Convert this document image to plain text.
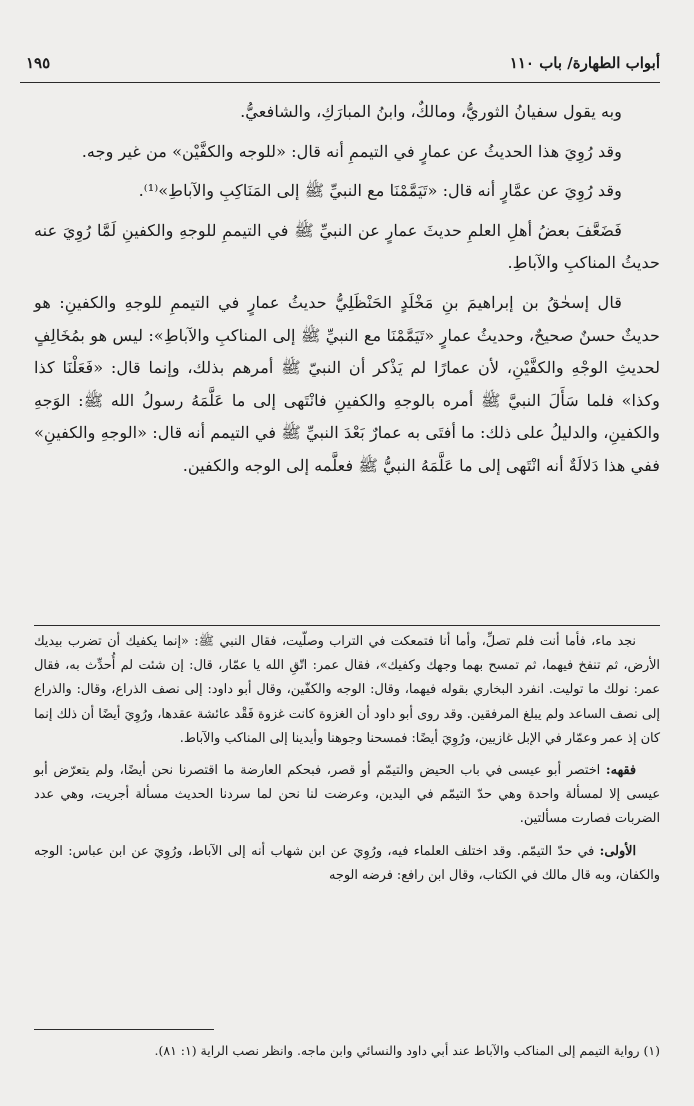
أبواب الطهارة/ باب ١١٠
١٩٥

وبه يقول سفيانُ الثوريُّ، ومالكٌ، وابنُ المبارَكِ، والشافعيُّ.

وقد رُوِيَ هذا الحديثُ عن عمارٍ في التيممِ أنه قال: «للوجه والكفَّيْن» من غير وجه.

وقد رُوِيَ عن عمَّارٍ أنه قال: «تَيَمَّمْنَا مع النبيِّ ﷺ إلى المَنَاكِبِ والآباطِ»⁽¹⁾.

فَضَعَّفَ بعضُ أهلِ العلمِ حديثَ عمارٍ عن النبيِّ ﷺ في التيممِ للوجهِ والكفينِ لَمَّا رُوِيَ عنه حديثُ المناكبِ والآباطِ.

قال إسحٰقُ بن إبراهيمَ بنِ مَخْلَدٍ الحَنْظَلِيُّ حديثُ عمارٍ في التيممِ للوجهِ والكفينِ: هو حديثٌ حسنٌ صحيحٌ، وحديثُ عمارٍ «تَيَمَّمْنَا مع النبيِّ ﷺ إلى المناكبِ والآباطِ»: ليس هو بمُخَالِفٍ لحديثِ الوجْهِ والكفَّيْنِ، لأن عمارًا لم يَذْكر أن النبيّ ﷺ أمرهم بذلك، وإنما قال: «فَعَلْنَا كذا وكذا» فلما سَأَلَ النبيَّ ﷺ أمره بالوجهِ والكفينِ فانْتَهى إلى ما عَلَّمَهُ رسولُ الله ﷺ: الوَجهِ والكفينِ، والدليلُ على ذلك: ما أفتَى به عمارٌ بَعْدَ النبيِّ ﷺ في التيمم أنه قال: «الوجهِ والكفينِ» ففي هذا دَلالَةٌ أنه انْتَهى إلى ما عَلَّمَهُ النبيُّ ﷺ فعلَّمه إلى الوجه والكفين.

نجد ماء، فأما أنت فلم تصلِّ، وأما أنا فتمعكت في التراب وصلّيت، فقال النبي ﷺ: «إنما يكفيك أن تضرب بيديك الأرض، ثم تنفخ فيهما، ثم تمسح بهما وجهك وكفيك»، فقال عمر: اتّقِ الله يا عمّار، قال: إن شئت لم أُحدِّث به، فقال عمر: نولك ما توليت. انفرد البخاري بقوله فيهما، وقال: الوجه والكفّين، وقال أبو داود: إلى نصف الذراع، وقال: والذراع إلى نصف الساعد ولم يبلغ المرفقين. وقد روى أبو داود أن الغزوة كانت غزوة فَقْد عائشة عقدها، ورُوِيَ أيضًا أن ذلك إنما كان إذ عمر وعمّار في الإبل غازيين، ورُوِيَ أيضًا: فمسحنا وجوهنا وأيدينا إلى المناكب والآباط.

فقهه: اختصر أبو عيسى في باب الحيض والتيمّم أو قصر، فبحكم العارضة ما اقتصرنا نحن أيضًا، ولم يتعرّض أبو عيسى إلا لمسألة واحدة وهي حدّ التيمّم في اليدين، وعرضت لنا نحن لما سردنا الحديث مسألة أجريت، وهي عدد الضربات فصارت مسألتين.

الأولى: في حدّ التيمّم. وقد اختلف العلماء فيه، ورُوِيَ عن ابن شهاب أنه إلى الآباط، ورُوِيَ عن ابن عباس: الوجه والكفان، وبه قال مالك في الكتاب، وقال ابن رافع: فرضه الوجه

(١) رواية التيمم إلى المناكب والآباط عند أبي داود والنسائي وابن ماجه. وانظر نصب الراية (١: ٨١).
